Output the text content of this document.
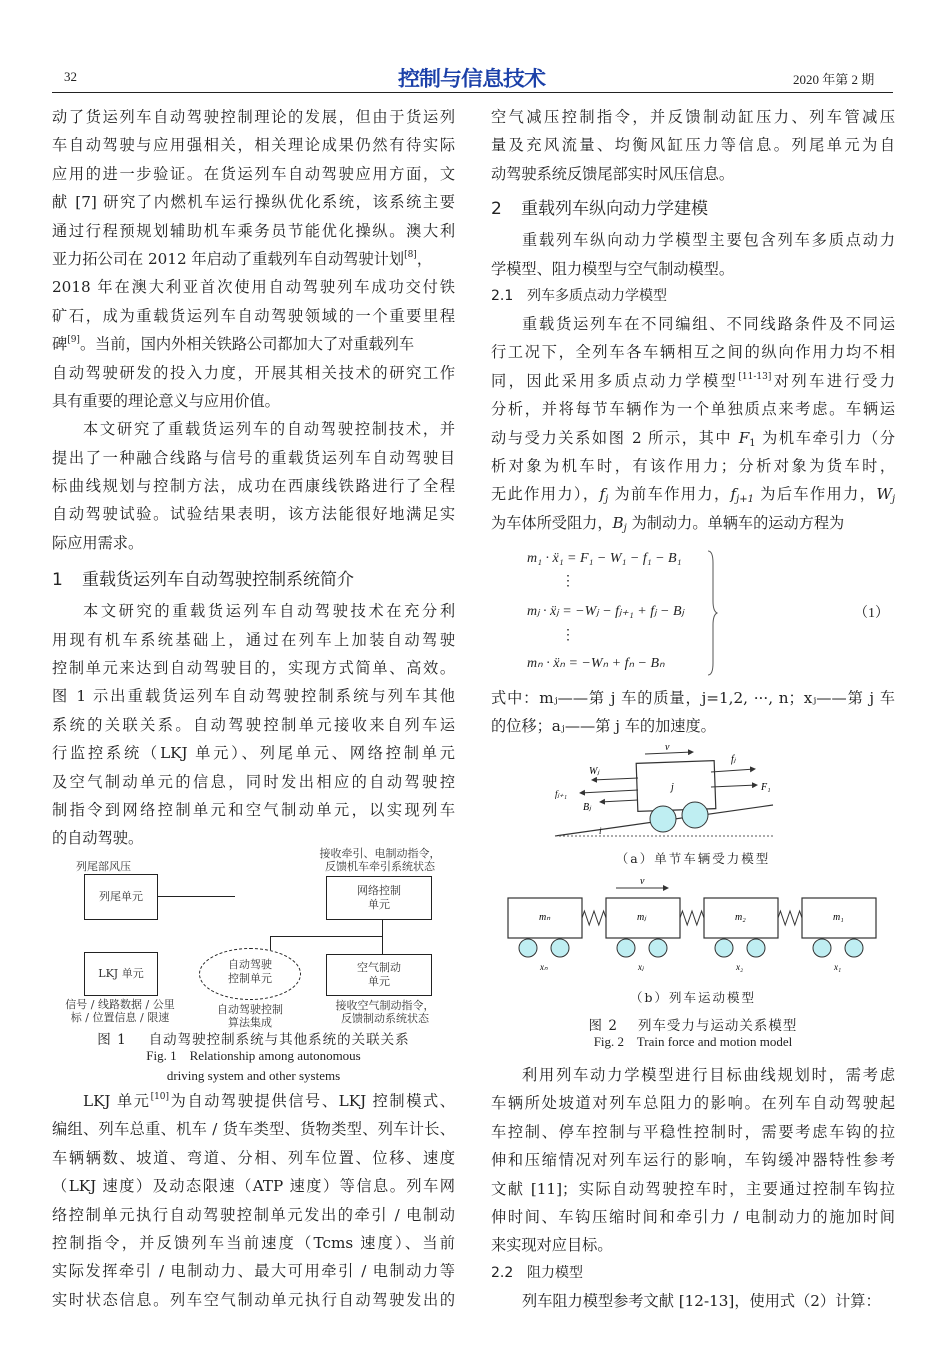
32	控制与信息技术	2020 年第 2 期
动了货运列车自动驾驶控制理论的发展，但由于货运列
车自动驾驶与应用强相关，相关理论成果仍然有待实际
应用的进一步验证。在货运列车自动驾驶应用方面，文
献 [7] 研究了内燃机车运行操纵优化系统，该系统主要
通过行程预规划辅助机车乘务员节能优化操纵。澳大利
亚力拓公司在 2012 年启动了重载列车自动驾驶计划[8]，
2018 年在澳大利亚首次使用自动驾驶列车成功交付铁
矿石，成为重载货运列车自动驾驶领域的一个重要里程
碑[9]。当前，国内外相关铁路公司都加大了对重载列车
自动驾驶研发的投入力度，开展其相关技术的研究工作
具有重要的理论意义与应用价值。
本文研究了重载货运列车的自动驾驶控制技术，并
提出了一种融合线路与信号的重载货运列车自动驾驶目
标曲线规划与控制方法，成功在西康线铁路进行了全程
自动驾驶试验。试验结果表明，该方法能很好地满足实
际应用需求。
1 重载货运列车自动驾驶控制系统简介
本文研究的重载货运列车自动驾驶技术在充分利
用现有机车系统基础上，通过在列车上加装自动驾驶
控制单元来达到自动驾驶目的，实现方式简单、高效。
图 1 示出重载货运列车自动驾驶控制系统与列车其他
系统的关联关系。自动驾驶控制单元接收来自列车运
行监控系统（LKJ 单元）、列尾单元、网络控制单元
及空气制动单元的信息，同时发出相应的自动驾驶控
制指令到网络控制单元和空气制动单元，以实现列车
的自动驾驶。
列尾部风压
列尾单元
接收牵引、电制动指令，
反馈机车牵引系统状态
网络控制
单元
LKJ 单元
信号 / 线路数据 / 公里
标 / 位置信息 / 限速
自动驾驶
控制单元
自动驾驶控制
算法集成
空气制动
单元
接收空气制动指令，
反馈制动系统状态
图 1 自动驾驶控制系统与其他系统的关联关系
Fig. 1    Relationship among autonomous
driving system and other systems
LKJ 单元[10]为自动驾驶提供信号、LKJ 控制模式、
编组、列车总重、机车 / 货车类型、货物类型、列车计长、
车辆辆数、坡道、弯道、分相、列车位置、位移、速度
（LKJ 速度）及动态限速（ATP 速度）等信息。列车网
络控制单元执行自动驾驶控制单元发出的牵引 / 电制动
控制指令，并反馈列车当前速度（Tcms 速度）、当前
实际发挥牵引 / 电制动力、最大可用牵引 / 电制动力等
实时状态信息。列车空气制动单元执行自动驾驶发出的
空气减压控制指令，并反馈制动缸压力、列车管减压
量及充风流量、均衡风缸压力等信息。列尾单元为自
动驾驶系统反馈尾部实时风压信息。
2 重载列车纵向动力学建模
重载列车纵向动力学模型主要包含列车多质点动力
学模型、阻力模型与空气制动模型。
2.1 列车多质点动力学模型
重载货运列车在不同编组、不同线路条件及不同运
行工况下，全列车各车辆相互之间的纵向作用力均不相
同，因此采用多质点动力学模型[11-13]对列车进行受力
分析，并将每节车辆作为一个单独质点来考虑。车辆运
动与受力关系如图 2 所示，其中 $F_1$ 为机车牵引力（分
析对象为机车时，有该作用力；分析对象为货车时，
无此作用力），$f_j$ 为前车作用力，$f_{j+1}$ 为后车作用力，$W_j$
为车体所受阻力，$B_j$ 为制动力。单辆车的运动方程为
m₁ · ẍ₁ = F₁ − W₁ − f₁ − B₁
⋮
mⱼ · ẍⱼ = −Wⱼ − fⱼ₊₁ + fⱼ − Bⱼ
⋮
mₙ · ẍₙ = −Wₙ + fₙ − Bₙ
（1）
式中：mⱼ——第 j 车的质量，j=1,2, ···, n；xⱼ——第 j 车
的位移；aⱼ——第 j 车的加速度。
v
Wⱼ
fⱼ₊₁
Bⱼ
fⱼ
F₁
j
i
（a）单节车辆受力模型
v
mₙ
xₙ
mⱼ
xⱼ
m₂
x₂
m₁
x₁
（b）列车运动模型
图 2 列车受力与运动关系模型
Fig. 2    Train force and motion model
利用列车动力学模型进行目标曲线规划时，需考虑
车辆所处坡道对列车总阻力的影响。在列车自动驾驶起
车控制、停车控制与平稳性控制时，需要考虑车钩的拉
伸和压缩情况对列车运行的影响，车钩缓冲器特性参考
文献 [11]；实际自动驾驶控车时，主要通过控制车钩拉
伸时间、车钩压缩时间和牵引力 / 电制动力的施加时间
来实现对应目标。
2.2 阻力模型
列车阻力模型参考文献 [12-13]，使用式（2）计算：
